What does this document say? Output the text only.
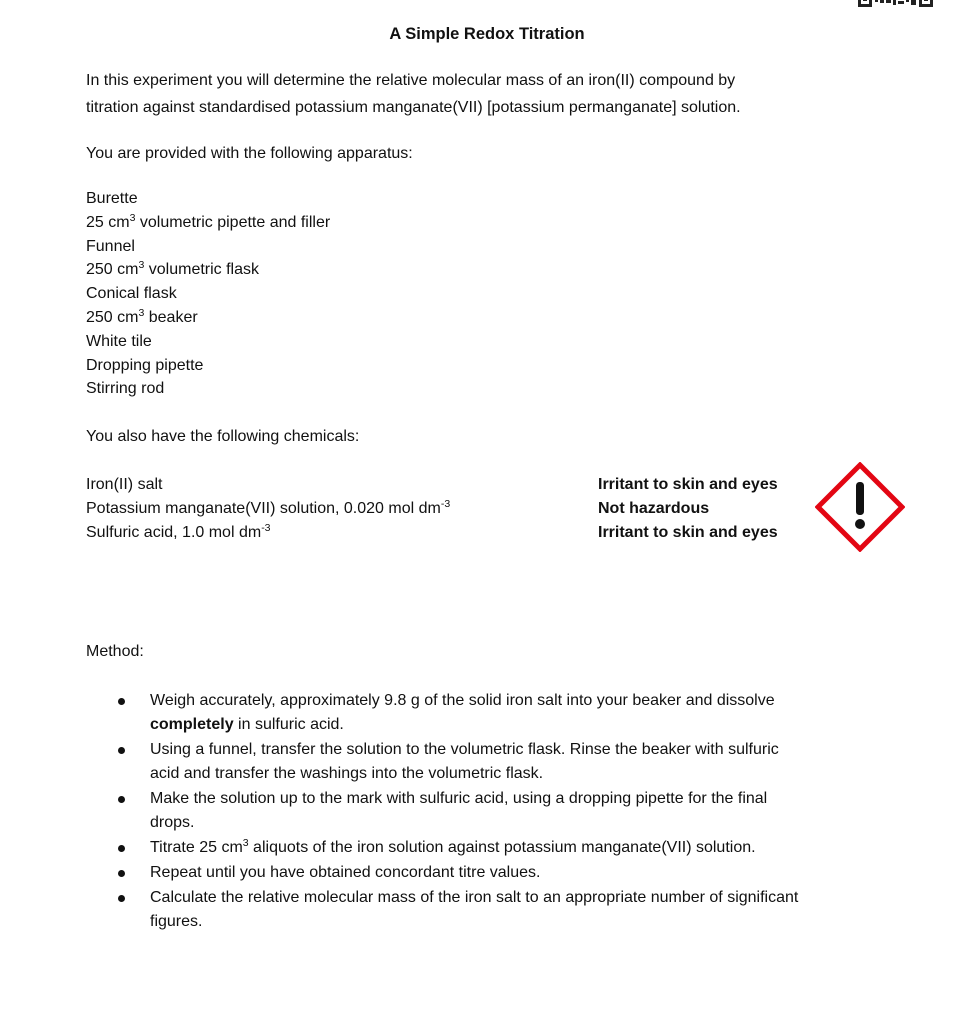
A Simple Redox Titration
In this experiment you will determine the relative molecular mass of an iron(II) compound by
titration against standardised potassium manganate(VII) [potassium permanganate] solution.
You are provided with the following apparatus:
Burette
25 $cm^3$ volumetric pipette and filler
Funnel
250 $cm^3$ volumetric flask
Conical flask
250 $cm^3$ beaker
White tile
Dropping pipette
Stirring rod
You also have the following chemicals:
Iron(II) salt
Potassium manganate(VII) solution, 0.020 mol $dm^{-3}$
Sulfuric acid, 1.0 mol $dm^{-3}$
Irritant to skin and eyes
Not hazardous
Irritant to skin and eyes
Method:
Weigh accurately, approximately 9.8 g of the solid iron salt into your beaker and dissolve
completely in sulfuric acid.
Using a funnel, transfer the solution to the volumetric flask. Rinse the beaker with sulfuric
acid and transfer the washings into the volumetric flask.
Make the solution up to the mark with sulfuric acid, using a dropping pipette for the final
drops.
Titrate 25 $cm^3$ aliquots of the iron solution against potassium manganate(VII) solution.
Repeat until you have obtained concordant titre values.
Calculate the relative molecular mass of the iron salt to an appropriate number of significant
figures.
